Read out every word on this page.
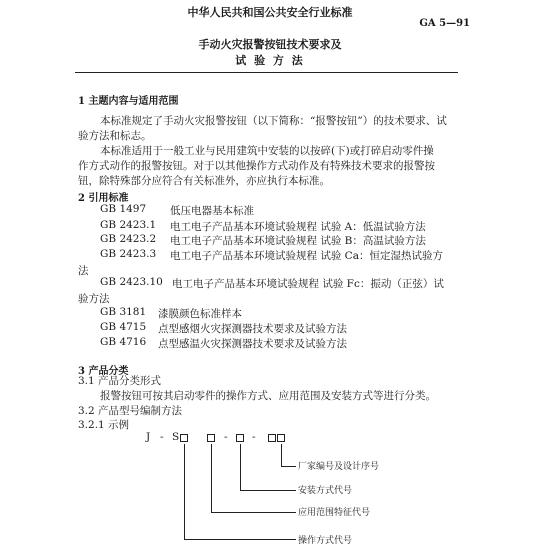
中华人民共和国公共安全行业标准
GA 5—91
手动火灾报警按钮技术要求及
试 验 方 法
1 主题内容与适用范围
本标准规定了手动火灾报警按钮（以下简称：“报警按钮”）的技术要求、试
验方法和标志。
本标准适用于一般工业与民用建筑中安装的以按碎(下)或打碎启动零件操
作方式动作的报警按钮。对于以其他操作方式动作及有特殊技术要求的报警按
钮，除特殊部分应符合有关标准外，亦应执行本标准。
2 引用标准
GB 1497 低压电器基本标准
GB 2423.1 电工电子产品基本环境试验规程 试验 A：低温试验方法
GB 2423.2 电工电子产品基本环境试验规程 试验 B：高温试验方法
GB 2423.3 电工电子产品基本环境试验规程 试验 Ca：恒定湿热试验方
法
GB 2423.10 电工电子产品基本环境试验规程 试验 Fc：振动（正弦）试
验方法
GB 3181 漆膜颜色标准样本
GB 4715 点型感烟火灾探测器技术要求及试验方法
GB 4716 点型感温火灾探测器技术要求及试验方法
3 产品分类
3.1 产品分类形式
报警按钮可按其启动零件的操作方式、应用范围及安装方式等进行分类。
3.2 产品型号编制方法
3.2.1 示例
J - S	- -
厂家编号及设计序号
安装方式代号
应用范围特征代号
操作方式代号
